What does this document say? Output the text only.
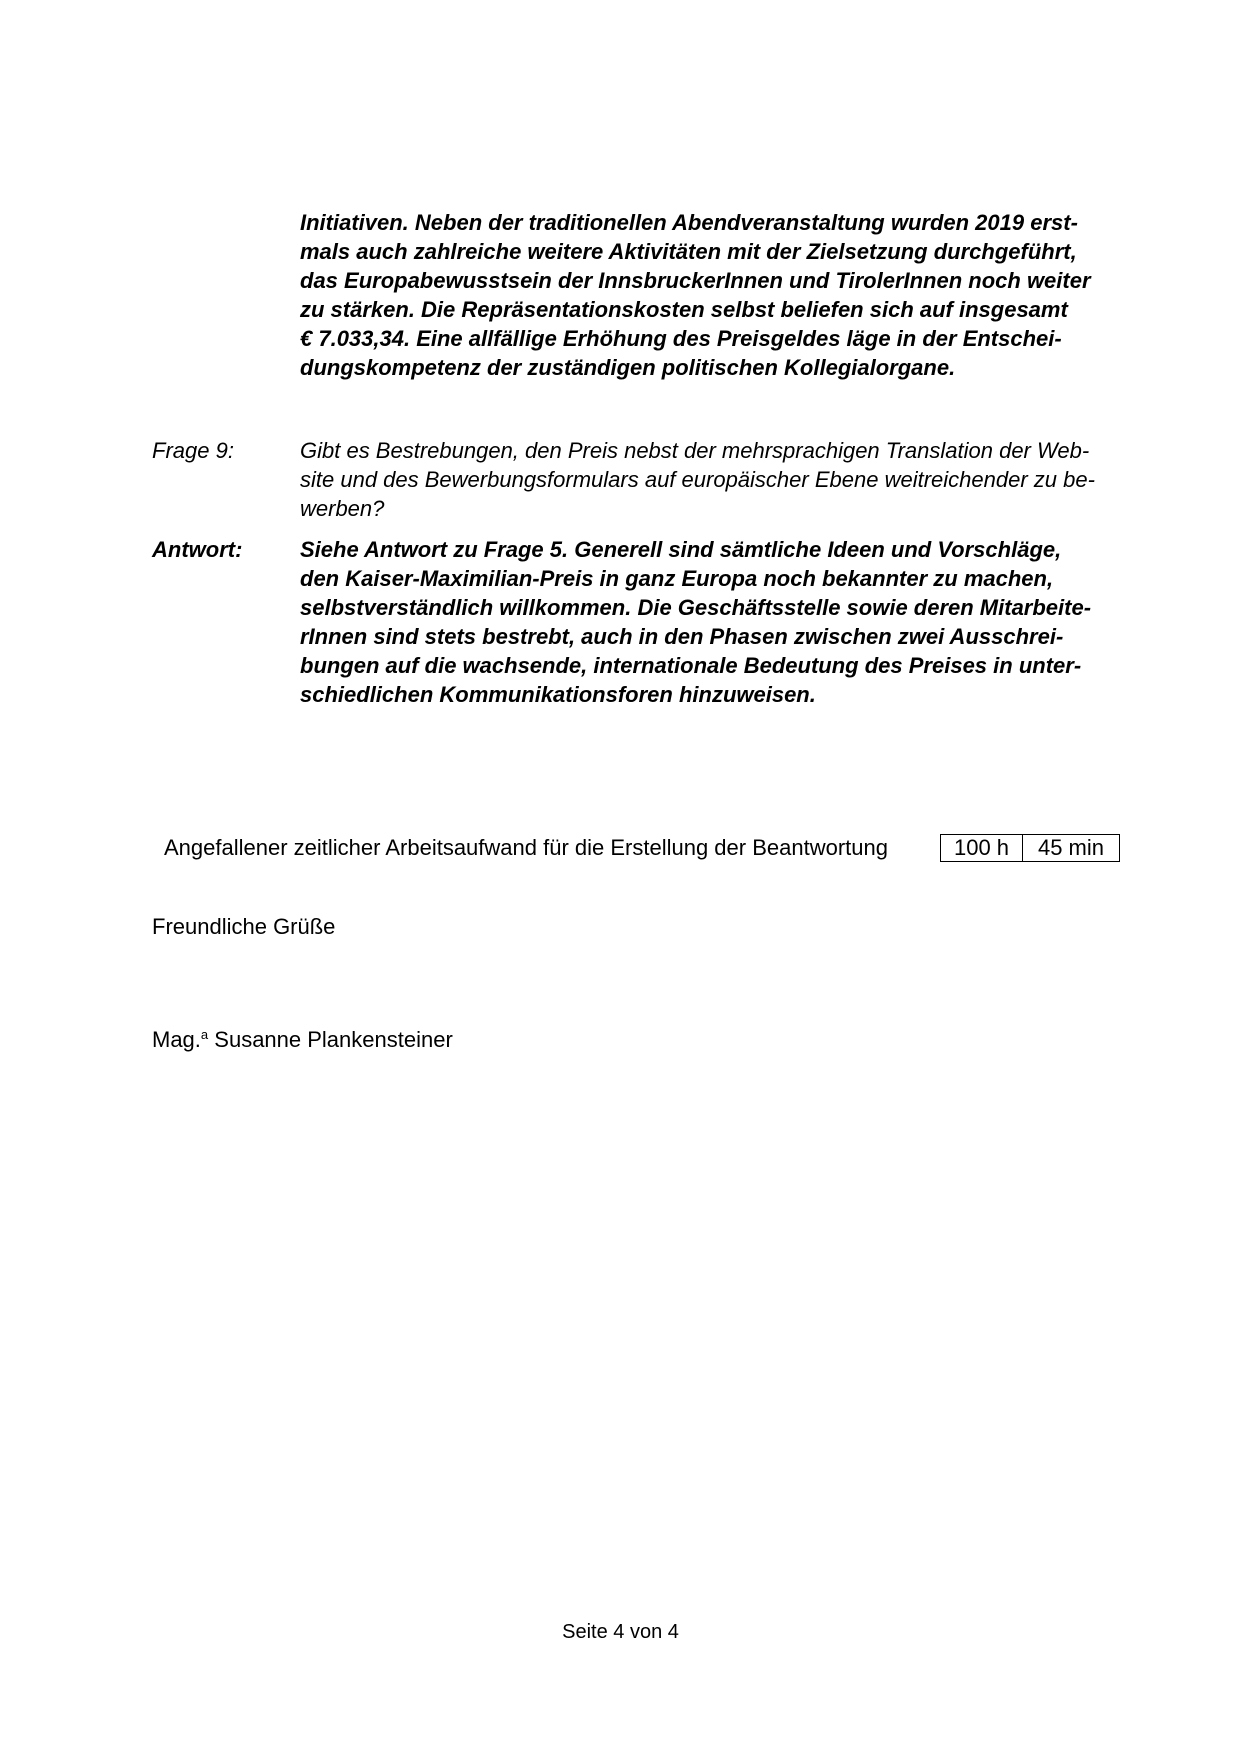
Initiativen. Neben der traditionellen Abendveranstaltung wurden 2019 erst-
mals auch zahlreiche weitere Aktivitäten mit der Zielsetzung durchgeführt,
das Europabewusstsein der InnsbruckerInnen und TirolerInnen noch weiter
zu stärken. Die Repräsentationskosten selbst beliefen sich auf insgesamt
€ 7.033,34. Eine allfällige Erhöhung des Preisgeldes läge in der Entschei-
dungskompetenz der zuständigen politischen Kollegialorgane.
Frage 9:	Gibt es Bestrebungen, den Preis nebst der mehrsprachigen Translation der Web-
site und des Bewerbungsformulars auf europäischer Ebene weitreichender zu be-
werben?
Antwort:	Siehe Antwort zu Frage 5. Generell sind sämtliche Ideen und Vorschläge,
den Kaiser-Maximilian-Preis in ganz Europa noch bekannter zu machen,
selbstverständlich willkommen. Die Geschäftsstelle sowie deren Mitarbeite-
rInnen sind stets bestrebt, auch in den Phasen zwischen zwei Ausschrei-
bungen auf die wachsende, internationale Bedeutung des Preises in unter-
schiedlichen Kommunikationsforen hinzuweisen.
Angefallener zeitlicher Arbeitsaufwand für die Erstellung der Beantwortung	100 h	45 min
Freundliche Grüße
Mag.$^a$ Susanne Plankensteiner
Seite 4 von 4
